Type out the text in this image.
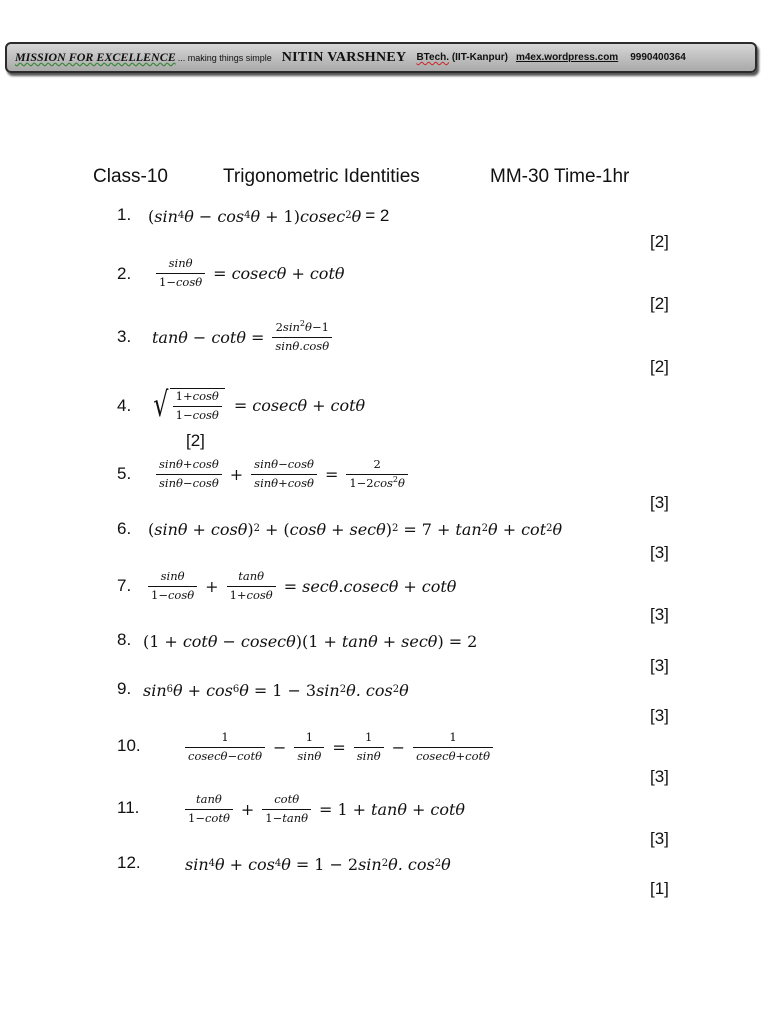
MISSION FOR EXCELLENCE ... making things simple NITIN VARSHNEY BTech. (IIT-Kanpur) m4ex.wordpress.com 9990400364
Class-10	Trigonometric Identities	MM-30 Time-1hr
1. ( sin 4 θ − cos 4 θ + 1) cosec 2 θ = 2
[2]
2. $\frac{\sin\theta}{1-\cos\theta} = cosec\theta + \cot\theta$
[2]
3. $\tan\theta - \cot\theta = \frac{2\sin^2\theta-1}{\sin\theta.\cos\theta}$
[2]
4. √ $\frac{1+\cos\theta}{1-\cos\theta} = cosec\theta + \cot\theta$
[2]
5. $\frac{\sin\theta+\cos\theta}{\sin\theta-\cos\theta} + \frac{\sin\theta-\cos\theta}{\sin\theta+\cos\theta} = \frac{2}{1-2\cos^2\theta}$
[3]
6. ( sinθ + cosθ ) 2 + ( cosθ + secθ ) 2 = 7 + tan 2 θ + cot 2 θ
[3]
7. $\frac{\sin\theta}{1-\cos\theta} + \frac{\tan\theta}{1+\cos\theta} = \sec\theta.cosec\theta + \cot\theta$
[3]
8. (1 + cotθ − cosecθ )(1 + tanθ + secθ ) = 2
[3]
9. sin 6 θ + cos 6 θ = 1 − 3 sin 2 θ. cos 2 θ
[3]
10.	$\frac{1}{cosec\theta-\cot\theta} - \frac{1}{\sin\theta} = \frac{1}{\sin\theta} - \frac{1}{cosec\theta+\cot\theta}$
[3]
11.	$\frac{\tan\theta}{1-\cot\theta} + \frac{\cot\theta}{1-\tan\theta} = 1 + \tan\theta + \cot\theta$
[3]
12.	sin 4 θ + cos 4 θ = 1 − 2 sin 2 θ. cos 2 θ
[1]
